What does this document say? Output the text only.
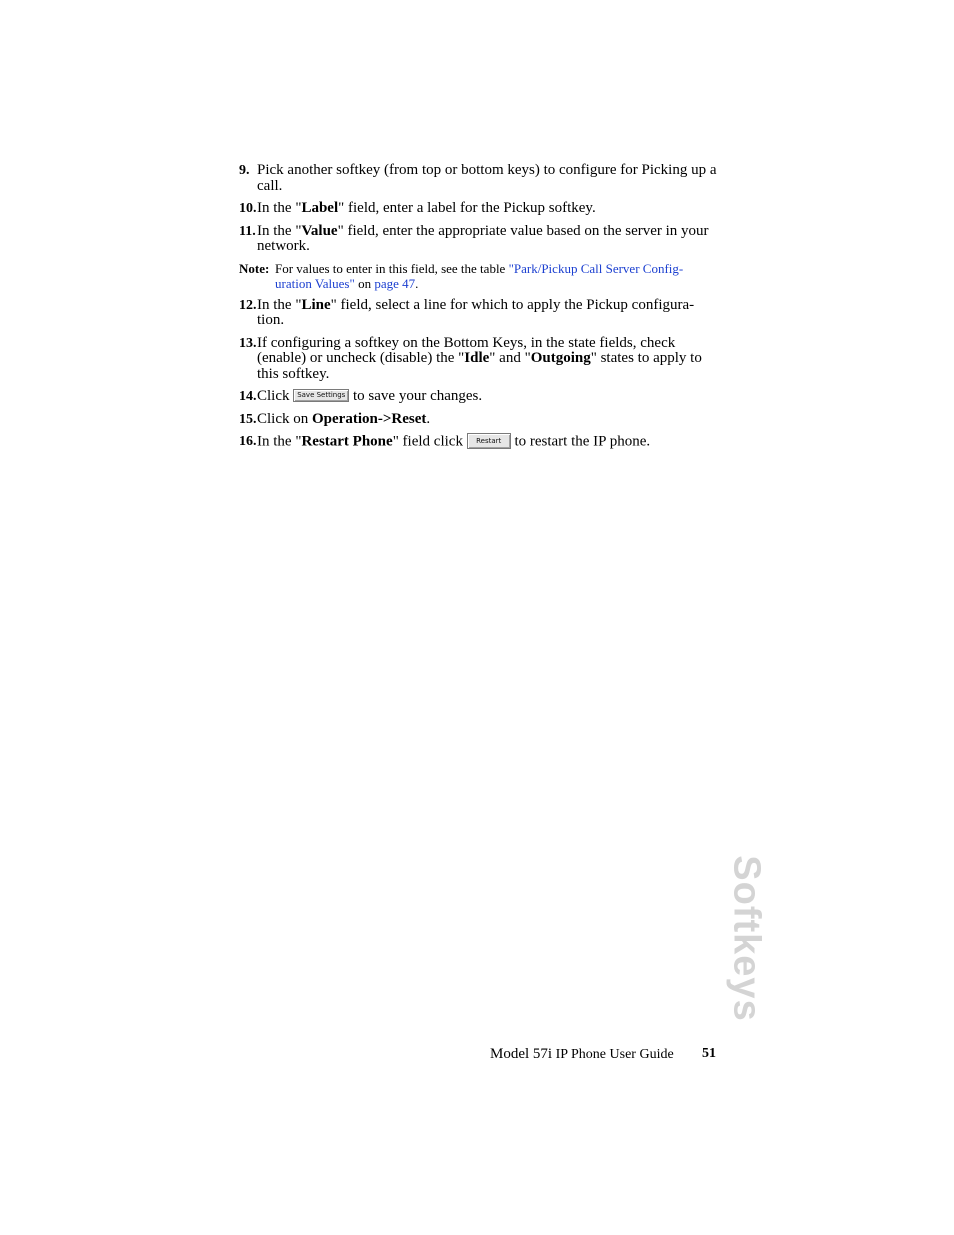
9. Pick another softkey (from top or bottom keys) to configure for Picking up a call.
10. In the "Label" field, enter a label for the Pickup softkey.
11. In the "Value" field, enter the appropriate value based on the server in your network.
Note: For values to enter in this field, see the table "Park/Pickup Call Server Config-uration Values" on page 47.
12. In the "Line" field, select a line for which to apply the Pickup configura-tion.
13. If configuring a softkey on the Bottom Keys, in the state fields, check (enable) or uncheck (disable) the "Idle" and "Outgoing" states to apply to this softkey.
14. Click Save Settings to save your changes.
15. Click on Operation->Reset.
16. In the "Restart Phone" field click Restart to restart the IP phone.
Softkeys
Model 57i IP Phone User Guide 51
